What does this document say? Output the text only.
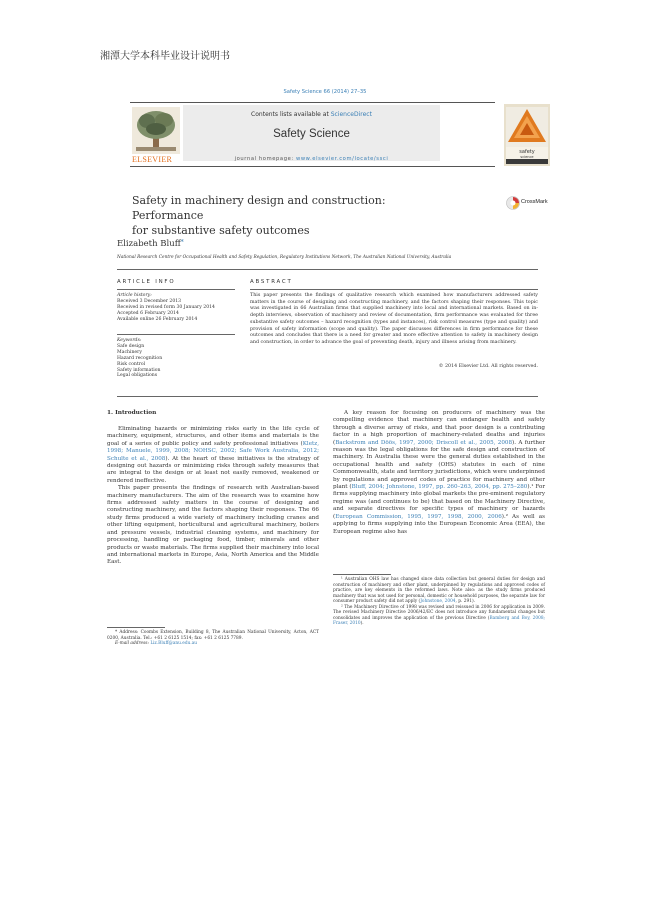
湘潭大学本科毕业设计说明书
Safety Science 66 (2014) 27–35
Contents lists available at ScienceDirect
Safety Science
journal homepage: www.elsevier.com/locate/ssci
ELSEVIER
safety
science
Safety in machinery design and construction: Performance
for substantive safety outcomes
CrossMark
Elizabeth Bluff*
National Research Centre for Occupational Health and Safety Regulation, Regulatory Institutions Network, The Australian National University, Australia
ARTICLE INFO
Article history:
Received 3 December 2013
Received in revised form 30 January 2014
Accepted 6 February 2014
Available online 26 February 2014
Keywords:
Safe design
Machinery
Hazard recognition
Risk control
Safety information
Legal obligations
ABSTRACT
This paper presents the findings of qualitative research which examined how manufacturers addressed safety matters in the course of designing and constructing machinery, and the factors shaping their responses. This topic was investigated in 66 Australian firms that supplied machinery into local and international markets. Based on in-depth interviews, observation of machinery and review of documentation, firm performance was evaluated for three substantive safety outcomes – hazard recognition (types and instances), risk control measures (type and quality) and provision of safety information (scope and quality). The paper discusses differences in firm performance for these outcomes and concludes that there is a need for greater and more effective attention to safety in machinery design and construction, in order to advance the goal of preventing death, injury and illness arising from machinery.
© 2014 Elsevier Ltd. All rights reserved.
1. Introduction

Eliminating hazards or minimizing risks early in the life cycle of machinery, equipment, structures, and other items and materials is the goal of a series of public policy and safety professional initiatives (Kletz, 1998; Manuele, 1999, 2008; NOHSC, 2002; Safe Work Australia, 2012; Schulte et al., 2008). At the heart of these initiatives is the strategy of designing out hazards or minimizing risks through safety measures that are integral to the design or at least not easily removed, weakened or rendered ineffective.

This paper presents the findings of research with Australian-based machinery manufacturers. The aim of the research was to examine how firms addressed safety matters in the course of designing and constructing machinery, and the factors shaping their responses. The 66 study firms produced a wide variety of machinery including cranes and other lifting equipment, horticultural and agricultural machinery, boilers and pressure vessels, industrial cleaning systems, and machinery for processing, handling or packaging food, timber, minerals and other products or waste materials. The firms supplied their machinery into local and international markets in Europe, Asia, North America and the Middle East.

* Address: Coombs Extension, Building 8, The Australian National University, Acton, ACT 0200, Australia. Tel.: +61 2 6125 1514; fax: +61 2 6125 7789.

E-mail address: Liz.Bluff@anu.edu.au

A key reason for focusing on producers of machinery was the compelling evidence that machinery can endanger health and safety through a diverse array of risks, and that poor design is a contributing factor in a high proportion of machinery-related deaths and injuries (Backstrom and Döös, 1997, 2000; Driscoll et al., 2005, 2008). A further reason was the legal obligations for the safe design and construction of machinery. In Australia these were the general duties established in the occupational health and safety (OHS) statutes in each of nine Commonwealth, state and territory jurisdictions, which were underpinned by regulations and approved codes of practice for machinery and other plant (Bluff, 2004; Johnstone, 1997, pp. 260–263, 2004, pp. 275–280).¹ For firms supplying machinery into global markets the pre-eminent regulatory regime was (and continues to be) that based on the Machinery Directive, and separate directives for specific types of machinery or hazards (European Commission, 1995, 1997, 1998, 2000, 2006).² As well as applying to firms supplying into the European Economic Area (EEA), the European regime also has

¹ Australian OHS law has changed since data collection but general duties for design and construction of machinery and other plant, underpinned by regulations and approved codes of practice, are key elements in the reformed laws. Note also: as the study firms produced machinery that was not used for personal, domestic or household purposes, the separate law for consumer product safety did not apply (Johnstone, 2004, p. 291).

² The Machinery Directive of 1998 was revised and reissued in 2006 for application in 2009. The revised Machinery Directive 2006/42/EC does not introduce any fundamental changes but consolidates and improves the application of the previous Directive (Bamberg and Boy, 2008; Fraser, 2010).
